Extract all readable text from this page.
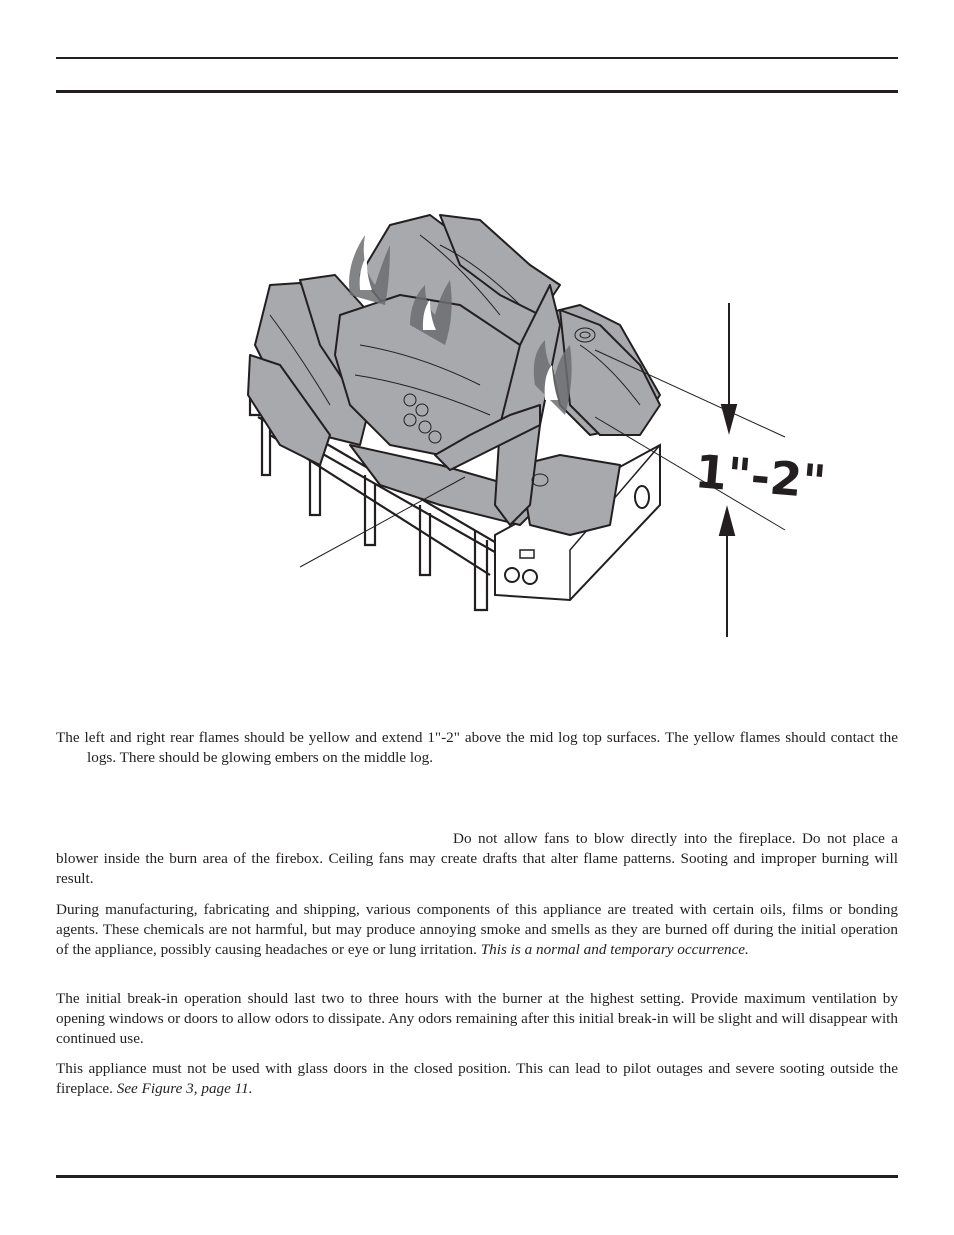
1"-2"

The left and right rear flames should be yellow and extend 1"-2" above the mid log top surfaces. The yellow flames should contact the logs. There should be glowing embers on the middle log.

Do not allow fans to blow directly into the fireplace. Do not place a blower inside the burn area of the firebox. Ceiling fans may create drafts that alter flame patterns. Sooting and improper burning will result.

During manufacturing, fabricating and shipping, various components of this appliance are treated with certain oils, films or bonding agents. These chemicals are not harmful, but may produce annoying smoke and smells as they are burned off during the initial operation of the appliance, possibly causing headaches or eye or lung irritation. This is a normal and temporary occurrence.

The initial break-in operation should last two to three hours with the burner at the highest setting. Provide maximum ventilation by opening windows or doors to allow odors to dissipate. Any odors remaining after this initial break-in will be slight and will disappear with continued use.

This appliance must not be used with glass doors in the closed position. This can lead to pilot outages and severe sooting outside the fireplace. See Figure 3, page 11.
